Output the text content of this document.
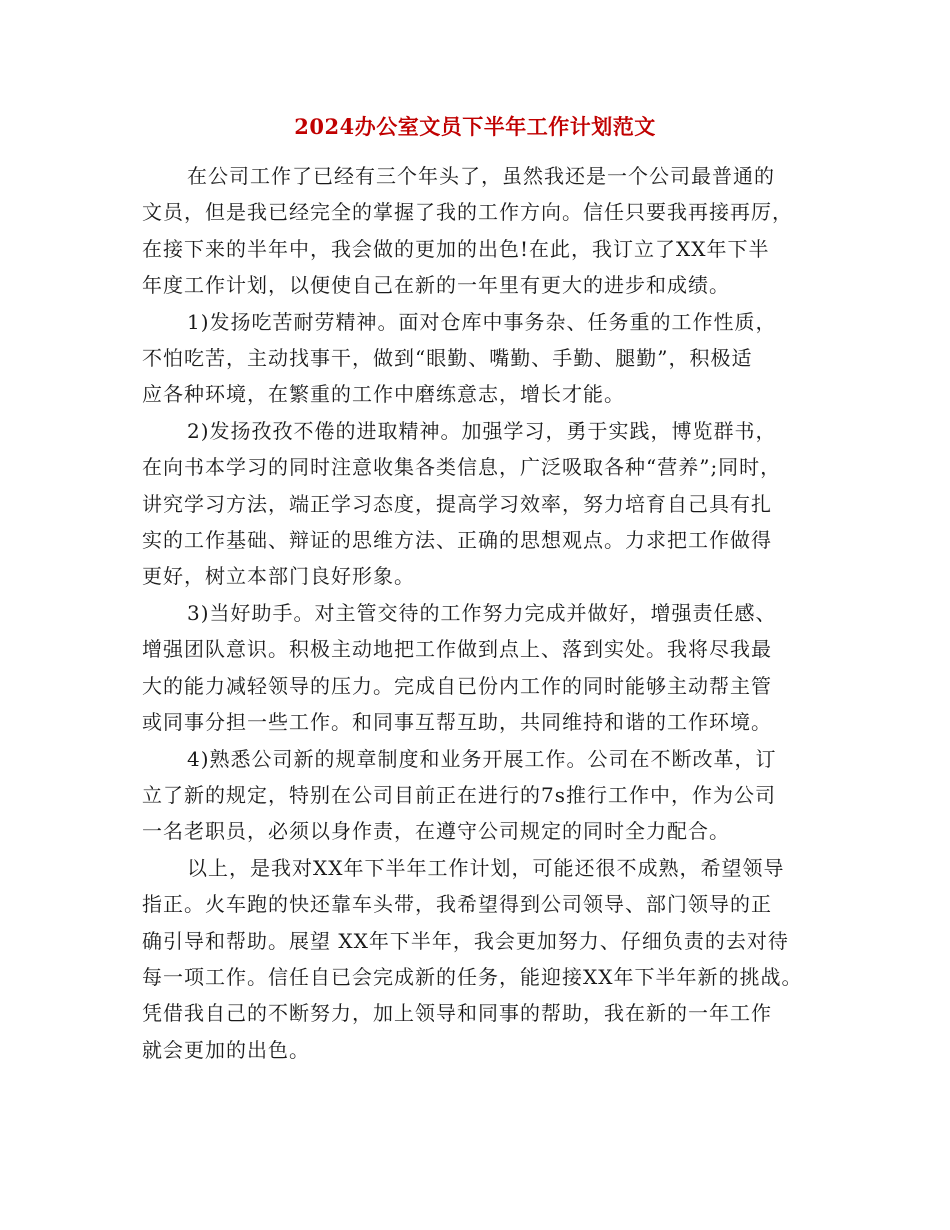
2024办公室文员下半年工作计划范文
在公司工作了已经有三个年头了，虽然我还是一个公司最普通的
文员，但是我已经完全的掌握了我的工作方向。信任只要我再接再厉，
在接下来的半年中，我会做的更加的出色!在此，我订立了XX年下半
年度工作计划，以便使自己在新的一年里有更大的进步和成绩。
1)发扬吃苦耐劳精神。面对仓库中事务杂、任务重的工作性质，
不怕吃苦，主动找事干，做到“眼勤、嘴勤、手勤、腿勤”，积极适
应各种环境，在繁重的工作中磨练意志，增长才能。
2)发扬孜孜不倦的进取精神。加强学习，勇于实践，博览群书，
在向书本学习的同时注意收集各类信息，广泛吸取各种“营养”;同时，
讲究学习方法，端正学习态度，提高学习效率，努力培育自己具有扎
实的工作基础、辩证的思维方法、正确的思想观点。力求把工作做得
更好，树立本部门良好形象。
3)当好助手。对主管交待的工作努力完成并做好，增强责任感、
增强团队意识。积极主动地把工作做到点上、落到实处。我将尽我最
大的能力减轻领导的压力。完成自已份内工作的同时能够主动帮主管
或同事分担一些工作。和同事互帮互助，共同维持和谐的工作环境。
4)熟悉公司新的规章制度和业务开展工作。公司在不断改革，订
立了新的规定，特别在公司目前正在进行的7s推行工作中，作为公司
一名老职员，必须以身作责，在遵守公司规定的同时全力配合。
以上，是我对XX年下半年工作计划，可能还很不成熟，希望领导
指正。火车跑的快还靠车头带，我希望得到公司领导、部门领导的正
确引导和帮助。展望 XX年下半年，我会更加努力、仔细负责的去对待
每一项工作。信任自已会完成新的任务，能迎接XX年下半年新的挑战。
凭借我自己的不断努力，加上领导和同事的帮助，我在新的一年工作
就会更加的出色。
